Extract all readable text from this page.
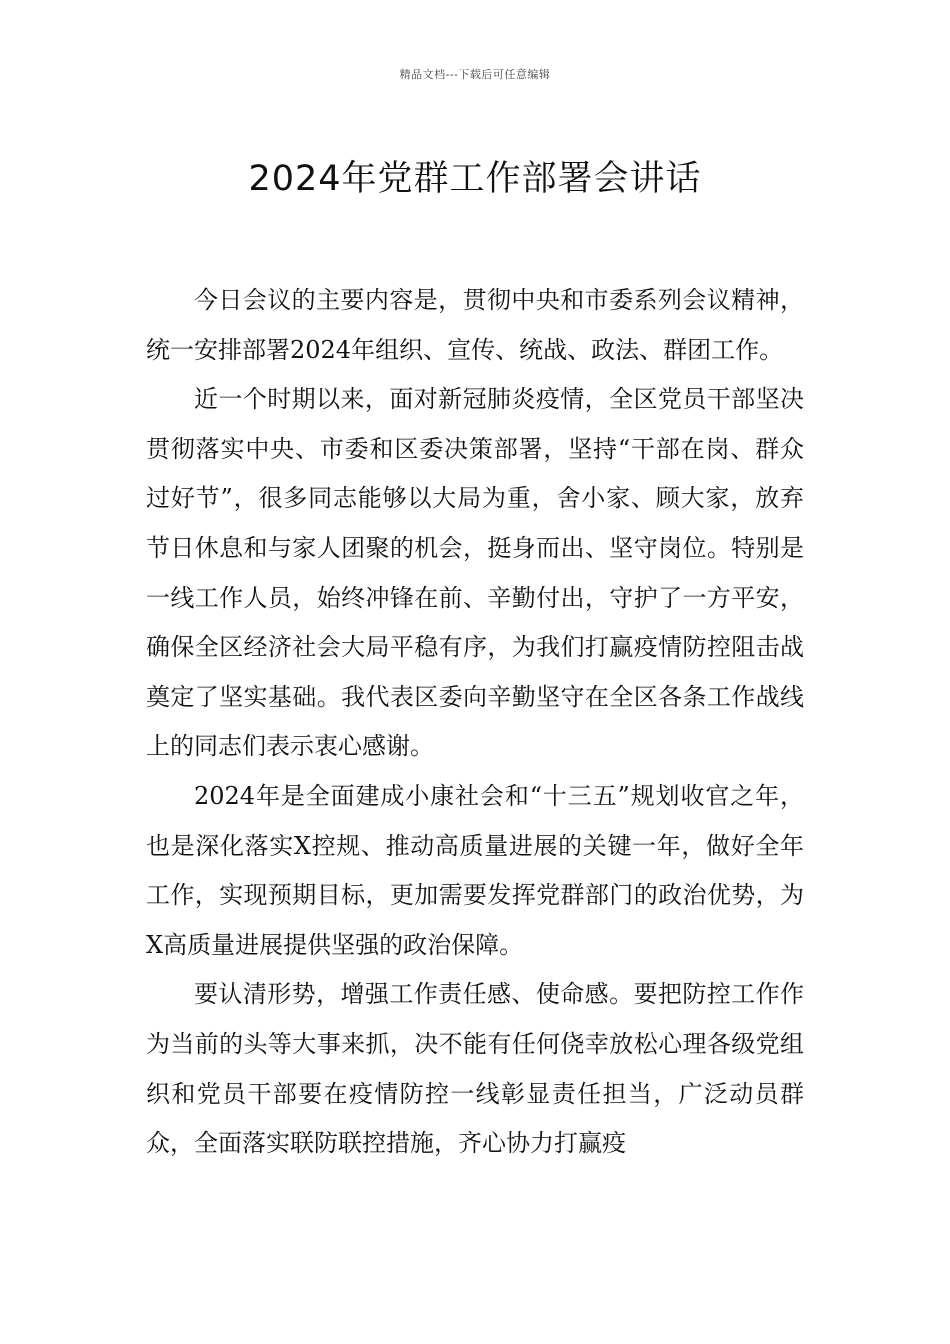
精品文档---下载后可任意编辑
2024年党群工作部署会讲话

今日会议的主要内容是，贯彻中央和市委系列会议精神，统一安排部署2024年组织、宣传、统战、政法、群团工作。

近一个时期以来，面对新冠肺炎疫情，全区党员干部坚决贯彻落实中央、市委和区委决策部署，坚持“干部在岗、群众过好节”，很多同志能够以大局为重，舍小家、顾大家，放弃节日休息和与家人团聚的机会，挺身而出、坚守岗位。特别是一线工作人员，始终冲锋在前、辛勤付出，守护了一方平安，确保全区经济社会大局平稳有序，为我们打赢疫情防控阻击战奠定了坚实基础。我代表区委向辛勤坚守在全区各条工作战线上的同志们表示衷心感谢。

2024年是全面建成小康社会和“十三五”规划收官之年，也是深化落实X控规、推动高质量进展的关键一年，做好全年工作，实现预期目标，更加需要发挥党群部门的政治优势，为X高质量进展提供坚强的政治保障。

要认清形势，增强工作责任感、使命感。要把防控工作作为当前的头等大事来抓，决不能有任何侥幸放松心理各级党组织和党员干部要在疫情防控一线彰显责任担当，广泛动员群众，全面落实联防联控措施，齐心协力打赢疫
